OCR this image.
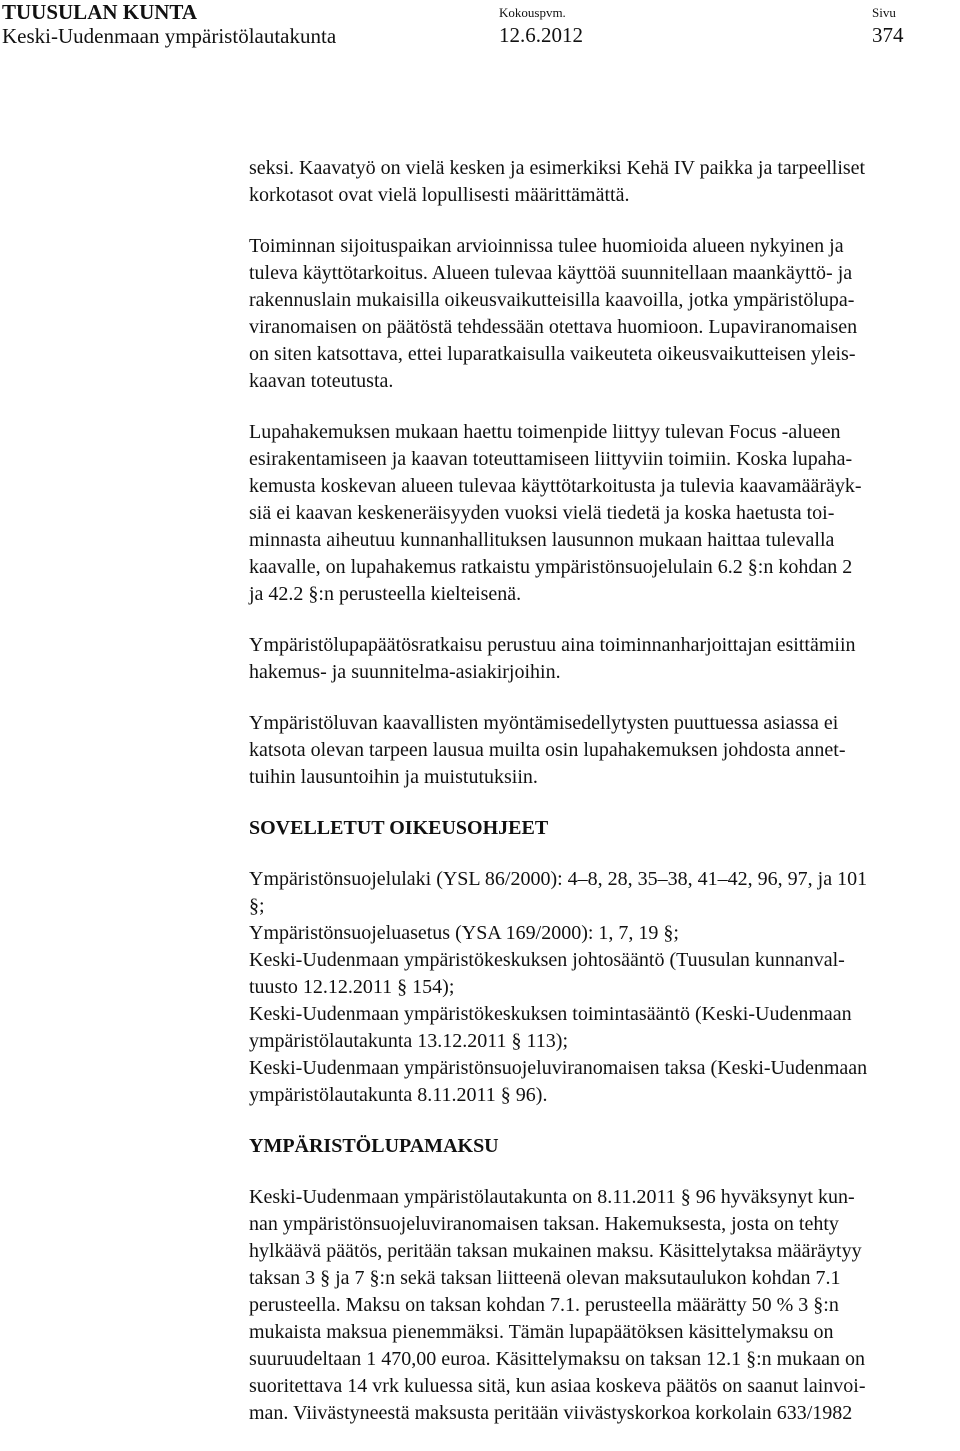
TUUSULAN KUNTA
Keski-Uudenmaan ympäristölautakunta
Kokouspvm.
12.6.2012
Sivu
374

seksi. Kaavatyö on vielä kesken ja esimerkiksi Kehä IV paikka ja tarpeelliset
korkotasot ovat vielä lopullisesti määrittämättä.

Toiminnan sijoituspaikan arvioinnissa tulee huomioida alueen nykyinen ja
tuleva käyttötarkoitus. Alueen tulevaa käyttöä suunnitellaan maankäyttö- ja
rakennuslain mukaisilla oikeusvaikutteisilla kaavoilla, jotka ympäristölupa-
viranomaisen on päätöstä tehdessään otettava huomioon. Lupaviranomaisen
on siten katsottava, ettei luparatkaisulla vaikeuteta oikeusvaikutteisen yleis-
kaavan toteutusta.

Lupahakemuksen mukaan haettu toimenpide liittyy tulevan Focus -alueen
esirakentamiseen ja kaavan toteuttamiseen liittyviin toimiin. Koska lupaha-
kemusta koskevan alueen tulevaa käyttötarkoitusta ja tulevia kaavamääräyk-
siä ei kaavan keskeneräisyyden vuoksi vielä tiedetä ja koska haetusta toi-
minnasta aiheutuu kunnanhallituksen lausunnon mukaan haittaa tulevalla
kaavalle, on lupahakemus ratkaistu ympäristönsuojelulain 6.2 §:n kohdan 2
ja 42.2 §:n perusteella kielteisenä.

Ympäristölupapäätösratkaisu perustuu aina toiminnanharjoittajan esittämiin
hakemus- ja suunnitelma-asiakirjoihin.

Ympäristöluvan kaavallisten myöntämisedellytysten puuttuessa asiassa ei
katsota olevan tarpeen lausua muilta osin lupahakemuksen johdosta annet-
tuihin lausuntoihin ja muistutuksiin.

SOVELLETUT OIKEUSOHJEET

Ympäristönsuojelulaki (YSL 86/2000): 4–8, 28, 35–38, 41–42, 96, 97, ja 101
§;
Ympäristönsuojeluasetus (YSA 169/2000): 1, 7, 19 §;
Keski-Uudenmaan ympäristökeskuksen johtosääntö (Tuusulan kunnanval-
tuusto 12.12.2011 § 154);
Keski-Uudenmaan ympäristökeskuksen toimintasääntö (Keski-Uudenmaan
ympäristölautakunta 13.12.2011 § 113);
Keski-Uudenmaan ympäristönsuojeluviranomaisen taksa (Keski-Uudenmaan
ympäristölautakunta 8.11.2011 § 96).

YMPÄRISTÖLUPAMAKSU

Keski-Uudenmaan ympäristölautakunta on 8.11.2011 § 96 hyväksynyt kun-
nan ympäristönsuojeluviranomaisen taksan. Hakemuksesta, josta on tehty
hylkäävä päätös, peritään taksan mukainen maksu. Käsittelytaksa määräytyy
taksan 3 § ja 7 §:n sekä taksan liitteenä olevan maksutaulukon kohdan 7.1
perusteella. Maksu on taksan kohdan 7.1. perusteella määrätty 50 % 3 §:n
mukaista maksua pienemmäksi. Tämän lupapäätöksen käsittelymaksu on
suuruudeltaan 1 470,00 euroa. Käsittelymaksu on taksan 12.1 §:n mukaan on
suoritettava 14 vrk kuluessa sitä, kun asiaa koskeva päätös on saanut lainvoi-
man. Viivästyneestä maksusta peritään viivästyskorkoa korkolain 633/1982
